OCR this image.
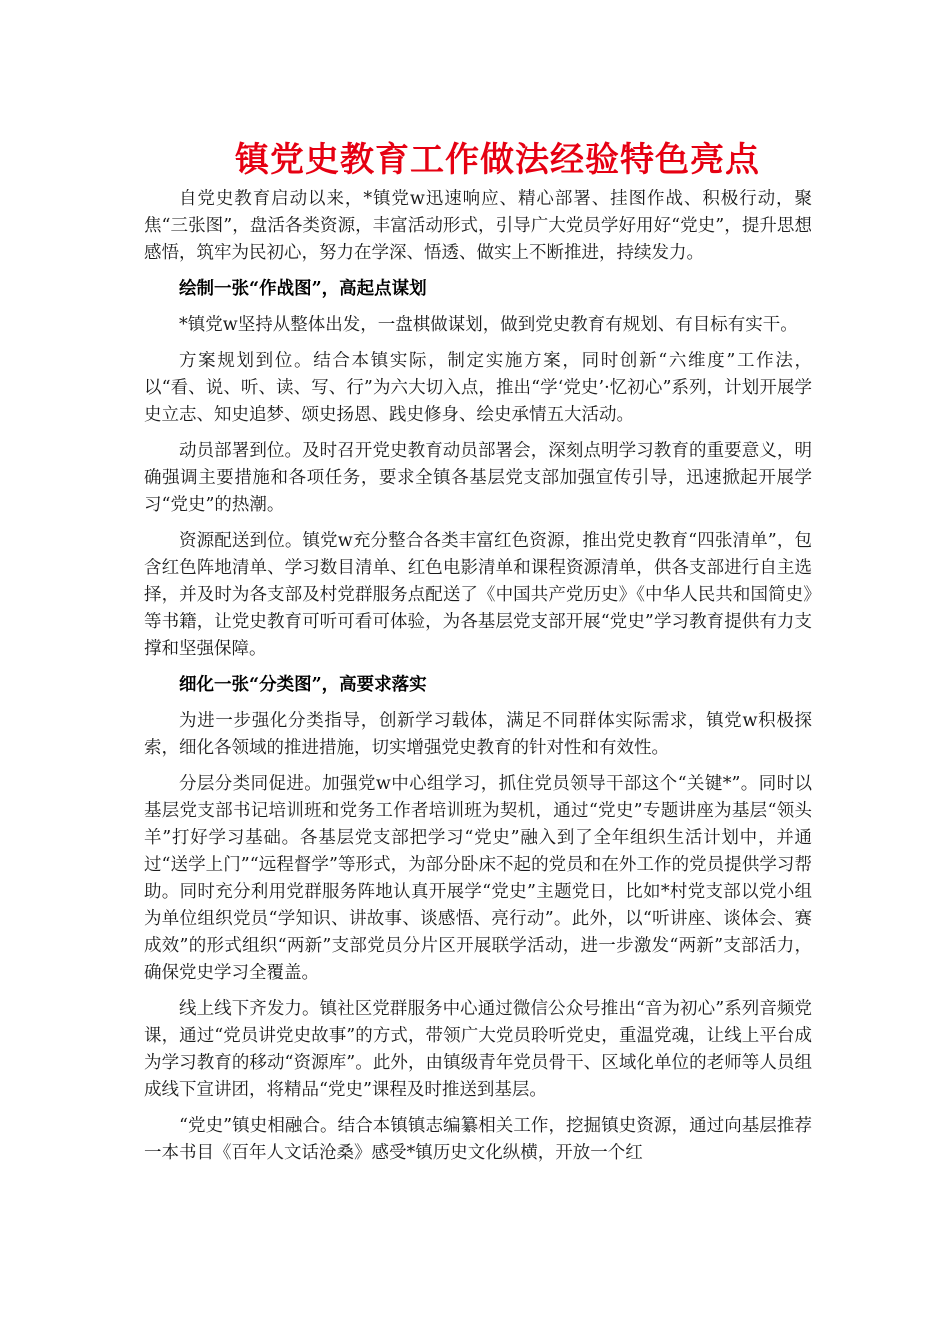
镇党史教育工作做法经验特色亮点

自党史教育启动以来，*镇党w迅速响应、精心部署、挂图作战、积极行动，聚焦“三张图”，盘活各类资源，丰富活动形式，引导广大党员学好用好“党史”，提升思想感悟，筑牢为民初心，努力在学深、悟透、做实上不断推进，持续发力。

绘制一张“作战图”，高起点谋划

*镇党w坚持从整体出发，一盘棋做谋划，做到党史教育有规划、有目标有实干。

方案规划到位。结合本镇实际，制定实施方案，同时创新“六维度”工作法，以“看、说、听、读、写、行”为六大切入点，推出“学‘党史’·忆初心”系列，计划开展学史立志、知史追梦、颂史扬恩、践史修身、绘史承情五大活动。

动员部署到位。及时召开党史教育动员部署会，深刻点明学习教育的重要意义，明确强调主要措施和各项任务，要求全镇各基层党支部加强宣传引导，迅速掀起开展学习“党史”的热潮。

资源配送到位。镇党w充分整合各类丰富红色资源，推出党史教育“四张清单”，包含红色阵地清单、学习数目清单、红色电影清单和课程资源清单，供各支部进行自主选择，并及时为各支部及村党群服务点配送了《中国共产党历史》《中华人民共和国简史》等书籍，让党史教育可听可看可体验，为各基层党支部开展“党史”学习教育提供有力支撑和坚强保障。

细化一张“分类图”，高要求落实

为进一步强化分类指导，创新学习载体，满足不同群体实际需求，镇党w积极探索，细化各领域的推进措施，切实增强党史教育的针对性和有效性。

分层分类同促进。加强党w中心组学习，抓住党员领导干部这个“关键*”。同时以基层党支部书记培训班和党务工作者培训班为契机，通过“党史”专题讲座为基层“领头羊”打好学习基础。各基层党支部把学习“党史”融入到了全年组织生活计划中，并通过“送学上门”“远程督学”等形式，为部分卧床不起的党员和在外工作的党员提供学习帮助。同时充分利用党群服务阵地认真开展学“党史”主题党日，比如*村党支部以党小组为单位组织党员“学知识、讲故事、谈感悟、亮行动”。此外，以“听讲座、谈体会、赛成效”的形式组织“两新”支部党员分片区开展联学活动，进一步激发“两新”支部活力，确保党史学习全覆盖。

线上线下齐发力。镇社区党群服务中心通过微信公众号推出“音为初心”系列音频党课，通过“党员讲党史故事”的方式，带领广大党员聆听党史，重温党魂，让线上平台成为学习教育的移动“资源库”。此外，由镇级青年党员骨干、区域化单位的老师等人员组成线下宣讲团，将精品“党史”课程及时推送到基层。

“党史”镇史相融合。结合本镇镇志编纂相关工作，挖掘镇史资源，通过向基层推荐一本书目《百年人文话沧桑》感受*镇历史文化纵横，开放一个红
